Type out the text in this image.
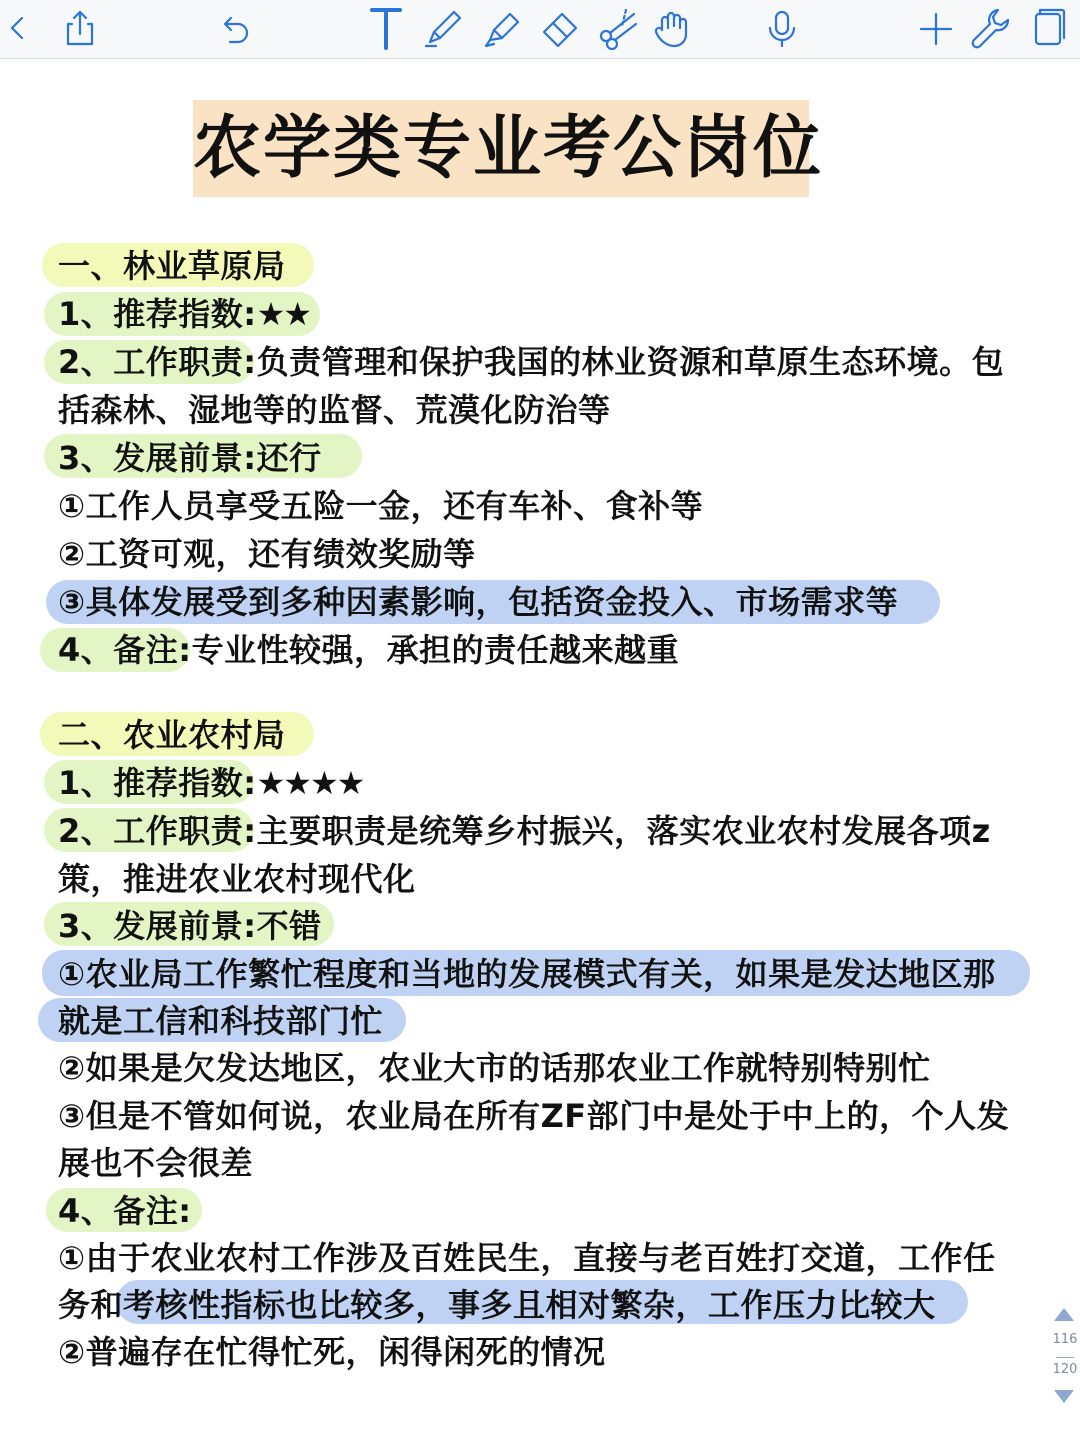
农学类专业考公岗位
一、林业草原局
1、推荐指数:★★
2、工作职责:负责管理和保护我国的林业资源和草原生态环境。包
括森林、湿地等的监督、荒漠化防治等
3、发展前景:还行
①工作人员享受五险一金，还有车补、食补等
②工资可观，还有绩效奖励等
③具体发展受到多种因素影响，包括资金投入、市场需求等
4、备注:专业性较强，承担的责任越来越重
二、农业农村局
1、推荐指数:★★★★
2、工作职责:主要职责是统筹乡村振兴，落实农业农村发展各项z
策，推进农业农村现代化
3、发展前景:不错
①农业局工作繁忙程度和当地的发展模式有关，如果是发达地区那
就是工信和科技部门忙
②如果是欠发达地区，农业大市的话那农业工作就特别特别忙
③但是不管如何说，农业局在所有ZF部门中是处于中上的，个人发
展也不会很差
4、备注:
①由于农业农村工作涉及百姓民生，直接与老百姓打交道，工作任
务和考核性指标也比较多，事多且相对繁杂，工作压力比较大
②普遍存在忙得忙死，闲得闲死的情况	116
120
